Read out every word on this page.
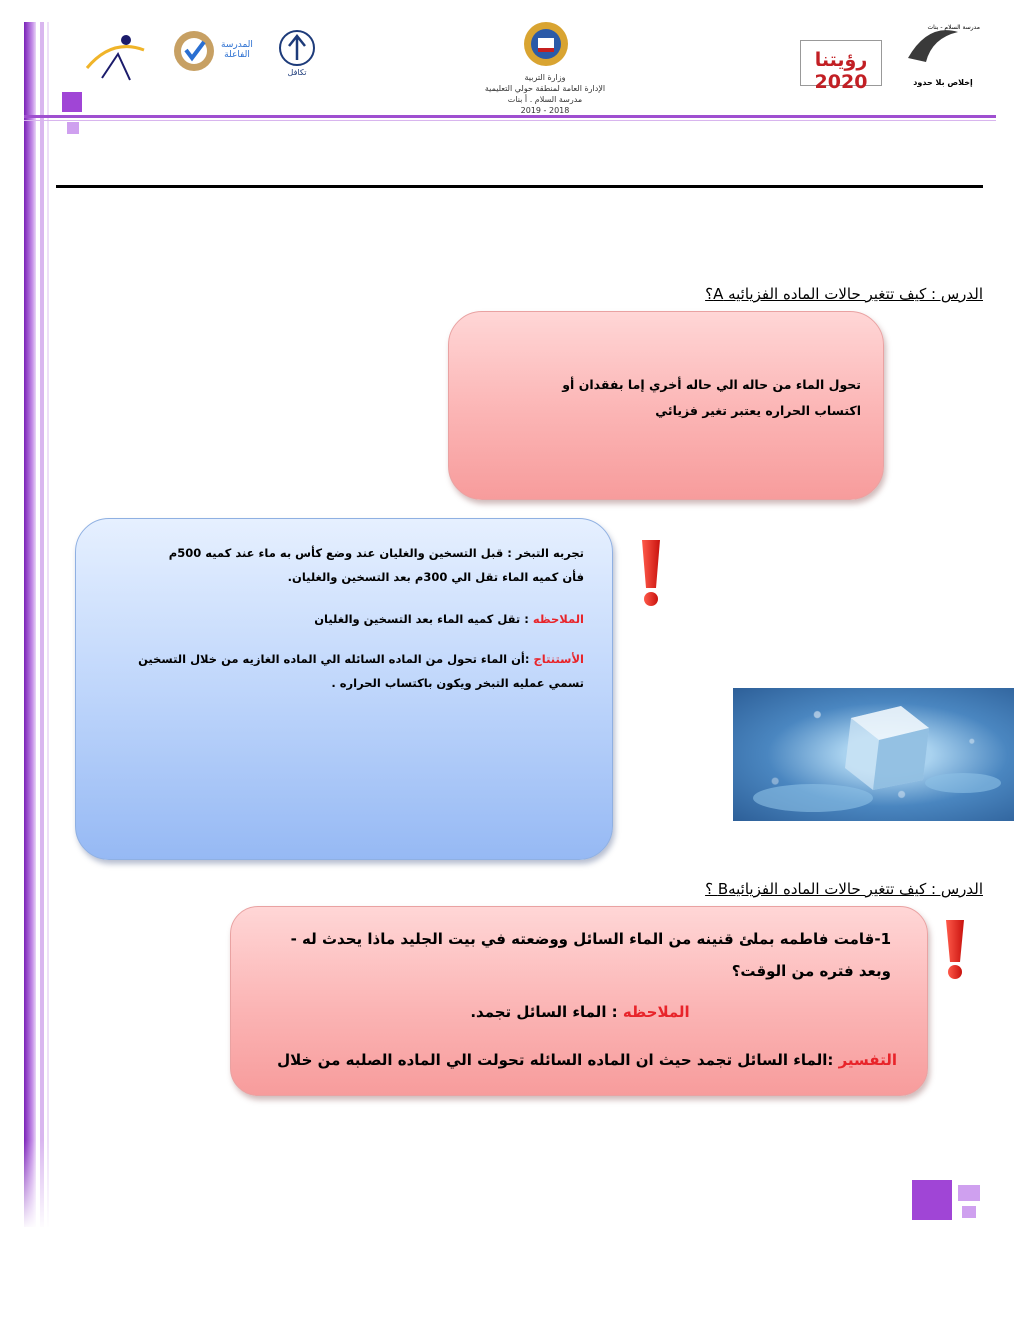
المدرسة الفاعلة
تكافل
وزارة التربية
الإدارة العامة لمنطقة حولي التعليمية
مدرسة السلام . أ بنات
2018 - 2019
رؤيتنا 2020
مدرسة السلام - بنات
إخلاص بلا حدود
الدرس : كيف تتغير حالات الماده الفزيائيه A؟
تحول الماء من حاله الي حاله أخري إما بفقدان أو
اكتساب الحراره يعتبر تغير فزيائي
تجربه التبخر : قبل التسخين والغليان عند وضع كأس به ماء عند كميه 500م
فأن كميه الماء تقل الي 300م بعد التسخين والغليان.
الملاحظه : تقل كميه الماء بعد التسخين والغليان
الأستنتاج :أن الماء تحول من الماده السائله الي الماده الغازيه من خلال التسخين
تسمي عمليه التبخر ويكون باكتساب الحراره .
الدرس : كيف تتغير حالات الماده الفزيائيهB ؟
1-قامت فاطمه بملئ قنينه من الماء السائل ووضعته في بيت الجليد ماذا يحدث له -
وبعد فتره من الوقت؟
الملاحظه : الماء السائل تجمد.
التفسير :الماء السائل تجمد حيث ان الماده السائله تحولت الي الماده الصلبه من خلال
